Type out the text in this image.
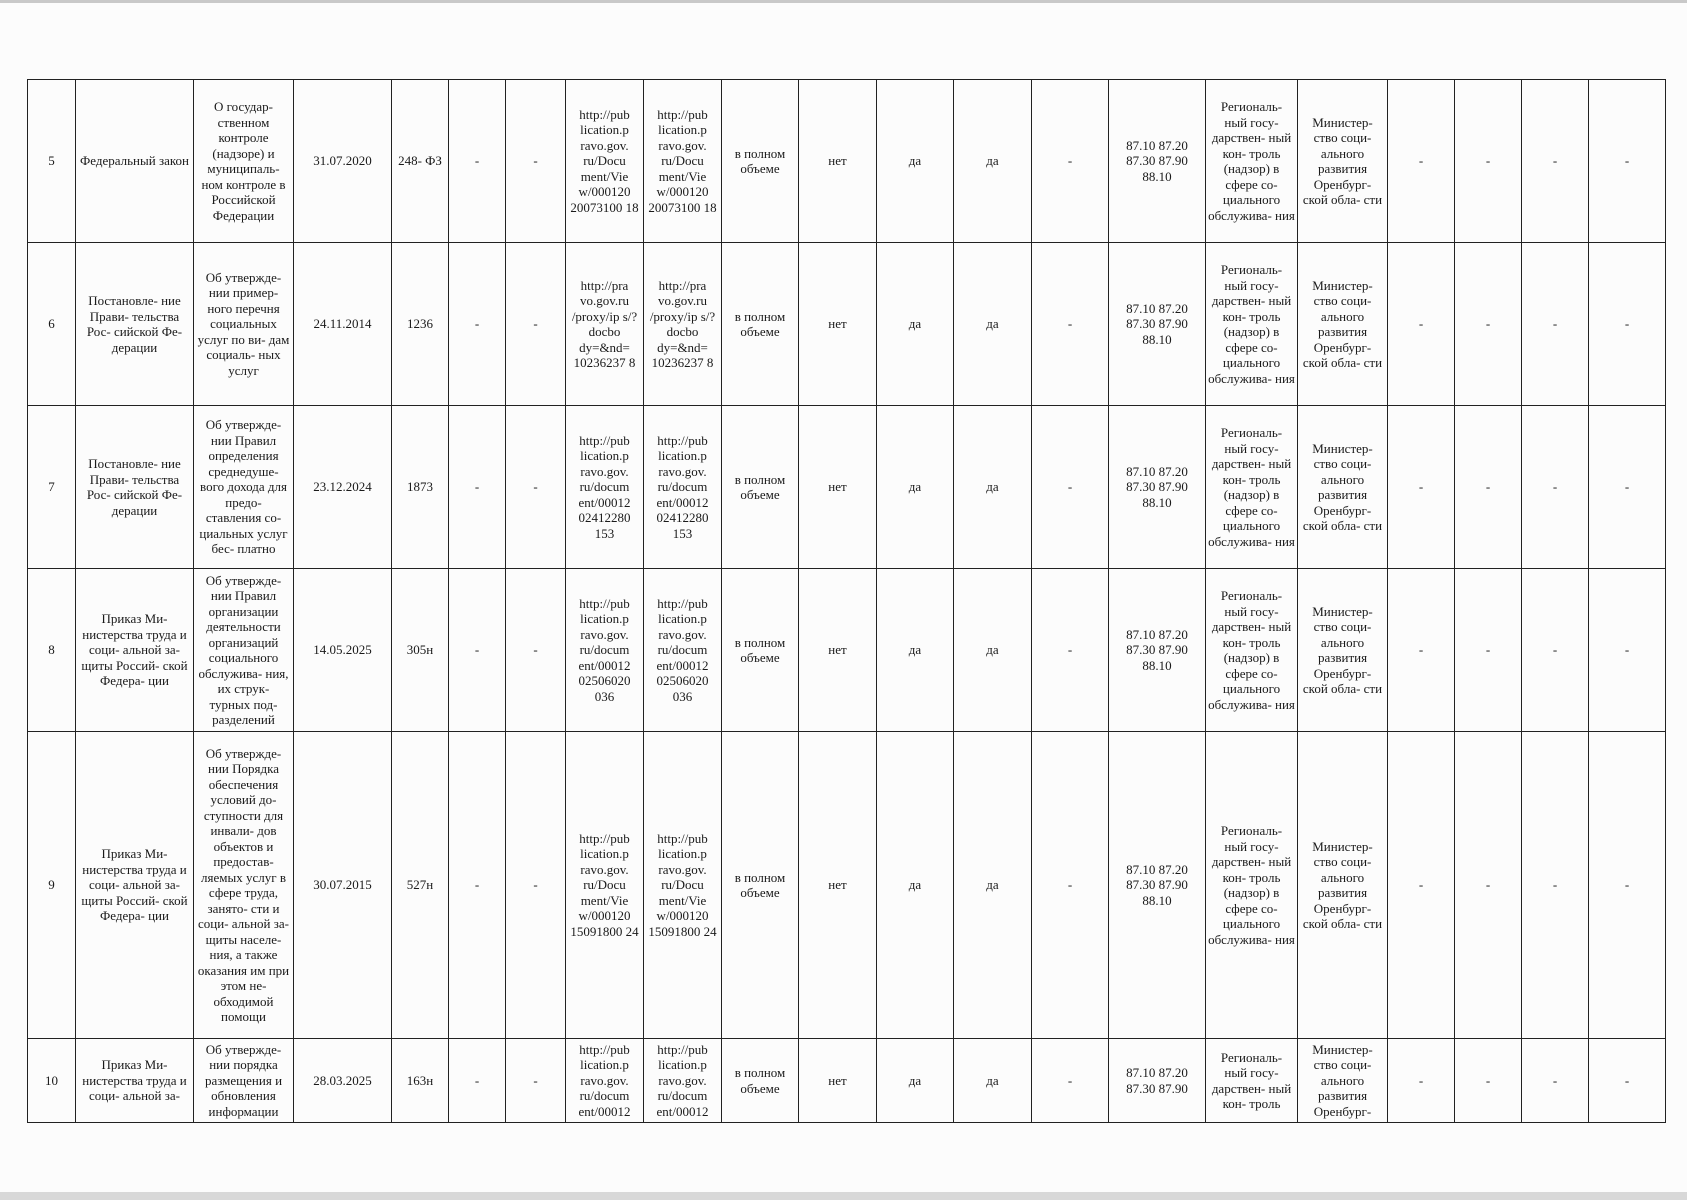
5	Федеральный закон	О государ- ственном контроле (надзоре) и муниципаль- ном контроле в Российской Федерации	31.07.2020	248- ФЗ	-	-	http://pub lication.p ravo.gov. ru/Docu ment/Vie w/000120 20073100 18	http://pub lication.p ravo.gov. ru/Docu ment/Vie w/000120 20073100 18	в полном объеме	нет	да	да	-	87.10 87.20 87.30 87.90 88.10	Региональ- ный госу- дарствен- ный кон- троль (надзор) в сфере со- циального обслужива- ния	Министер- ство соци- ального развития Оренбург- ской обла- сти	-	-	-	-
6	Постановле- ние Прави- тельства Рос- сийской Фе- дерации	Об утвержде- нии пример- ного перечня социальных услуг по ви- дам социаль- ных услуг	24.11.2014	1236	-	-	http://pra vo.gov.ru /proxy/ip s/?docbo dy=&nd= 10236237 8	http://pra vo.gov.ru /proxy/ip s/?docbo dy=&nd= 10236237 8	в полном объеме	нет	да	да	-	87.10 87.20 87.30 87.90 88.10	Региональ- ный госу- дарствен- ный кон- троль (надзор) в сфере со- циального обслужива- ния	Министер- ство соци- ального развития Оренбург- ской обла- сти	-	-	-	-
7	Постановле- ние Прави- тельства Рос- сийской Фе- дерации	Об утвержде- нии Правил определения среднедуше- вого дохода для предо- ставления со- циальных услуг бес- платно	23.12.2024	1873	-	-	http://pub lication.p ravo.gov. ru/docum ent/00012 02412280 153	http://pub lication.p ravo.gov. ru/docum ent/00012 02412280 153	в полном объеме	нет	да	да	-	87.10 87.20 87.30 87.90 88.10	Региональ- ный госу- дарствен- ный кон- троль (надзор) в сфере со- циального обслужива- ния	Министер- ство соци- ального развития Оренбург- ской обла- сти	-	-	-	-
8	Приказ Ми- нистерства труда и соци- альной за- щиты Россий- ской Федера- ции	Об утвержде- нии Правил организации деятельности организаций социального обслужива- ния, их струк- турных под- разделений	14.05.2025	305н	-	-	http://pub lication.p ravo.gov. ru/docum ent/00012 02506020 036	http://pub lication.p ravo.gov. ru/docum ent/00012 02506020 036	в полном объеме	нет	да	да	-	87.10 87.20 87.30 87.90 88.10	Региональ- ный госу- дарствен- ный кон- троль (надзор) в сфере со- циального обслужива- ния	Министер- ство соци- ального развития Оренбург- ской обла- сти	-	-	-	-
9	Приказ Ми- нистерства труда и соци- альной за- щиты Россий- ской Федера- ции	Об утвержде- нии Порядка обеспечения условий до- ступности для инвали- дов объектов и предостав- ляемых услуг в сфере труда, занято- сти и соци- альной за- щиты населе- ния, а также оказания им при этом не- обходимой помощи	30.07.2015	527н	-	-	http://pub lication.p ravo.gov. ru/Docu ment/Vie w/000120 15091800 24	http://pub lication.p ravo.gov. ru/Docu ment/Vie w/000120 15091800 24	в полном объеме	нет	да	да	-	87.10 87.20 87.30 87.90 88.10	Региональ- ный госу- дарствен- ный кон- троль (надзор) в сфере со- циального обслужива- ния	Министер- ство соци- ального развития Оренбург- ской обла- сти	-	-	-	-
10	Приказ Ми- нистерства труда и соци- альной за-	Об утвержде- нии порядка размещения и обновления информации	28.03.2025	163н	-	-	http://pub lication.p ravo.gov. ru/docum ent/00012	http://pub lication.p ravo.gov. ru/docum ent/00012	в полном объеме	нет	да	да	-	87.10 87.20 87.30 87.90	Региональ- ный госу- дарствен- ный кон- троль	Министер- ство соци- ального развития Оренбург-	-	-	-	-
